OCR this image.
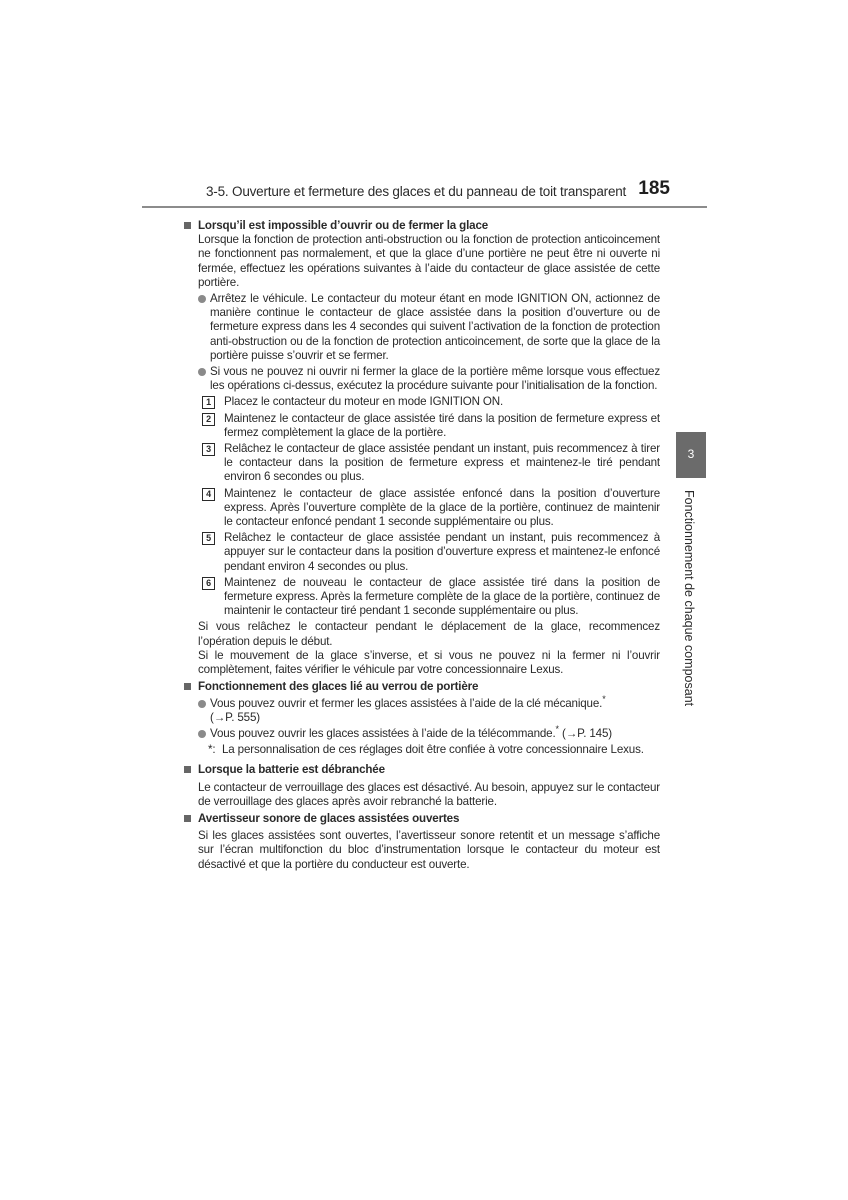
3-5. Ouverture et fermeture des glaces et du panneau de toit transparent 185
Lorsqu’il est impossible d’ouvrir ou de fermer la glace
Lorsque la fonction de protection anti-obstruction ou la fonction de protection anticoincement ne fonctionnent pas normalement, et que la glace d’une portière ne peut être ni ouverte ni fermée, effectuez les opérations suivantes à l’aide du contacteur de glace assistée de cette portière.
Arrêtez le véhicule. Le contacteur du moteur étant en mode IGNITION ON, actionnez de manière continue le contacteur de glace assistée dans la position d’ouverture ou de fermeture express dans les 4 secondes qui suivent l’activation de la fonction de protection anti-obstruction ou de la fonction de protection anticoincement, de sorte que la glace de la portière puisse s’ouvrir et se fermer.
Si vous ne pouvez ni ouvrir ni fermer la glace de la portière même lorsque vous effectuez les opérations ci-dessus, exécutez la procédure suivante pour l’initialisation de la fonction.
1	Placez le contacteur du moteur en mode IGNITION ON.
2	Maintenez le contacteur de glace assistée tiré dans la position de fermeture express et fermez complètement la glace de la portière.
3	Relâchez le contacteur de glace assistée pendant un instant, puis recommencez à tirer le contacteur dans la position de fermeture express et maintenez-le tiré pendant environ 6 secondes ou plus.
4	Maintenez le contacteur de glace assistée enfoncé dans la position d’ouverture express. Après l’ouverture complète de la glace de la portière, continuez de maintenir le contacteur enfoncé pendant 1 seconde supplémentaire ou plus.
5	Relâchez le contacteur de glace assistée pendant un instant, puis recommencez à appuyer sur le contacteur dans la position d’ouverture express et maintenez-le enfoncé pendant environ 4 secondes ou plus.
6	Maintenez de nouveau le contacteur de glace assistée tiré dans la position de fermeture express. Après la fermeture complète de la glace de la portière, continuez de maintenir le contacteur tiré pendant 1 seconde supplémentaire ou plus.
Si vous relâchez le contacteur pendant le déplacement de la glace, recommencez l’opération depuis le début.
Si le mouvement de la glace s’inverse, et si vous ne pouvez ni la fermer ni l’ouvrir complètement, faites vérifier le véhicule par votre concessionnaire Lexus.
Fonctionnement des glaces lié au verrou de portière
Vous pouvez ouvrir et fermer les glaces assistées à l’aide de la clé mécanique.*
(→P. 555)
Vous pouvez ouvrir les glaces assistées à l’aide de la télécommande.* (→P. 145)
*: La personnalisation de ces réglages doit être confiée à votre concessionnaire Lexus.
Lorsque la batterie est débranchée
Le contacteur de verrouillage des glaces est désactivé. Au besoin, appuyez sur le contacteur de verrouillage des glaces après avoir rebranché la batterie.
Avertisseur sonore de glaces assistées ouvertes
Si les glaces assistées sont ouvertes, l’avertisseur sonore retentit et un message s’affiche sur l’écran multifonction du bloc d’instrumentation lorsque le contacteur du moteur est désactivé et que la portière du conducteur est ouverte.
3
Fonctionnement de chaque composant
